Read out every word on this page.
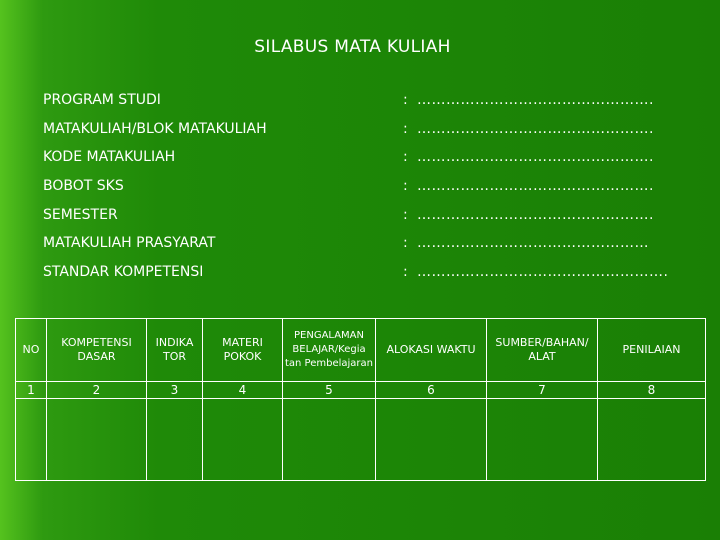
SILABUS MATA KULIAH
PROGRAM STUDI	: ………………………………………….
MATAKULIAH/BLOK MATAKULIAH	: ………………………………………….
KODE MATAKULIAH	: ………………………………………….
BOBOT SKS	: ………………………………………….
SEMESTER	: ………………………………………….
MATAKULIAH PRASYARAT	: …………………………………………
STANDAR KOMPETENSI	: …………………………………………….
NO	KOMPETENSI DASAR	INDIKA TOR	MATERI POKOK	PENGALAMAN BELAJAR/Kegia tan Pembelajaran	ALOKASI WAKTU	SUMBER/BAHAN/ ALAT	PENILAIAN
1	2	3	4	5	6	7	8
